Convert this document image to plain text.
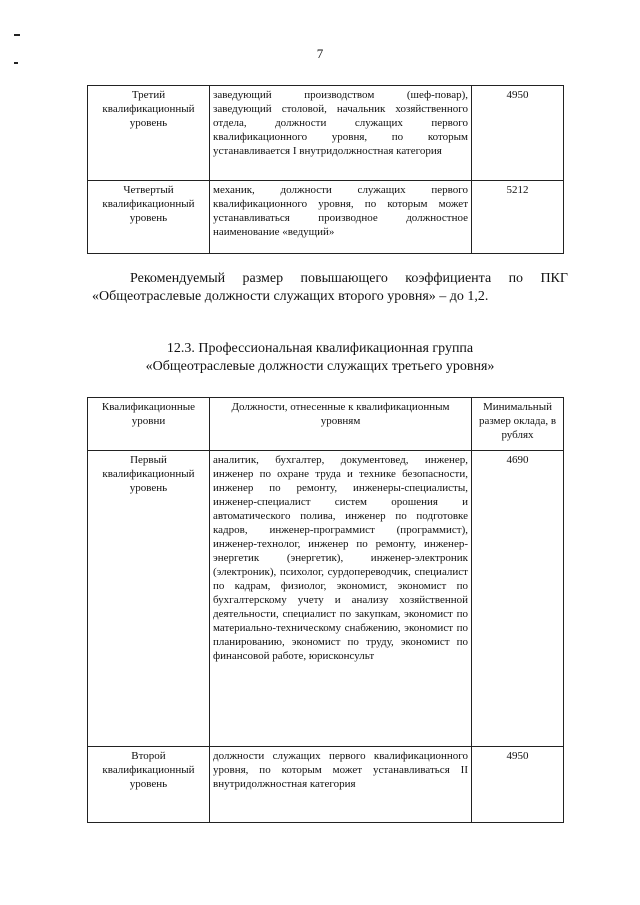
7
Третий квалификационный уровень	заведующий производством (шеф-повар), заведующий столовой, начальник хозяйственного отдела, должности служащих первого квалификационного уровня, по которым устанавливается I внутридолжностная категория	4950
Четвертый квалификационный уровень	механик, должности служащих первого квалификационного уровня, по которым может устанавливаться производное должностное наименование «ведущий»	5212
Рекомендуемый размер повышающего коэффициента по ПКГ «Общеотраслевые должности служащих второго уровня» – до 1,2.
12.3. Профессиональная квалификационная группа
«Общеотраслевые должности служащих третьего уровня»
Квалификационные уровни	Должности, отнесенные к квалификационным уровням	Минимальный размер оклада, в рублях
Первый квалификационный уровень	аналитик, бухгалтер, документовед, инженер, инженер по охране труда и технике безопасности, инженер по ремонту, инженеры-специалисты, инженер-специалист систем орошения и автоматического полива, инженер по подготовке кадров, инженер-программист (программист), инженер-технолог, инженер по ремонту, инженер-энергетик (энергетик), инженер-электроник (электроник), психолог, сурдопереводчик, специалист по кадрам, физиолог, экономист, экономист по бухгалтерскому учету и анализу хозяйственной деятельности, специалист по закупкам, экономист по материально-техническому снабжению, экономист по планированию, экономист по труду, экономист по финансовой работе, юрисконсульт	4690
Второй квалификационный уровень	должности служащих первого квалификационного уровня, по которым может устанавливаться II внутридолжностная категория	4950
